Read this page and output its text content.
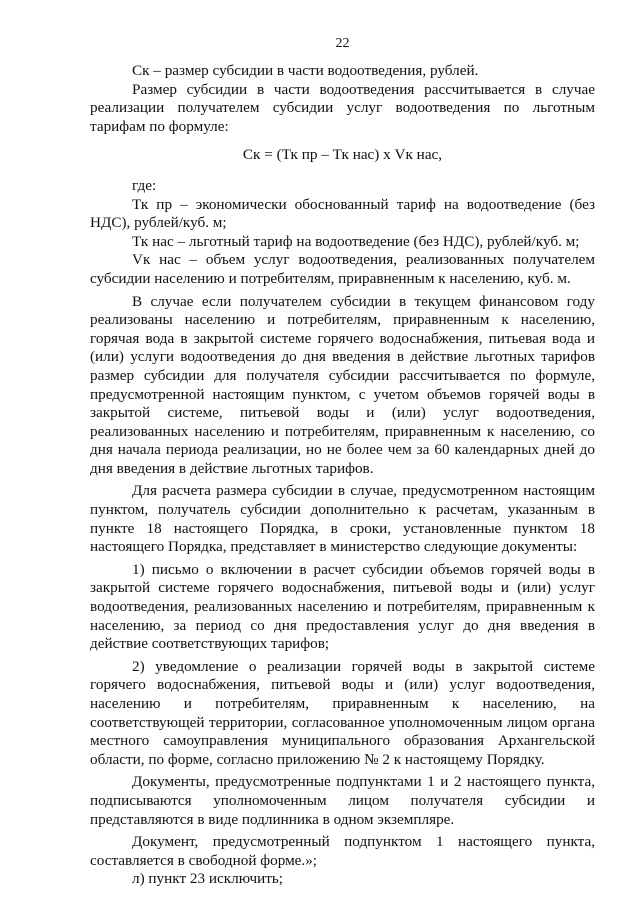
22

Ск – размер субсидии в части водоотведения, рублей.

Размер субсидии в части водоотведения рассчитывается в случае реализации получателем субсидии услуг водоотведения по льготным тарифам по формуле:

Ск = (Тк пр – Тк нас) х Vк нас,

где:

Тк пр – экономически обоснованный тариф на водоотведение (без НДС), рублей/куб. м;

Тк нас – льготный тариф на водоотведение (без НДС), рублей/куб. м;

Vк нас – объем услуг водоотведения, реализованных получателем субсидии населению и потребителям, приравненным к населению, куб. м.

В случае если получателем субсидии в текущем финансовом году реализованы населению и потребителям, приравненным к населению, горячая вода в закрытой системе горячего водоснабжения, питьевая вода и (или) услуги водоотведения до дня введения в действие льготных тарифов размер субсидии для получателя субсидии рассчитывается по формуле, предусмотренной настоящим пунктом, с учетом объемов горячей воды в закрытой системе, питьевой воды и (или) услуг водоотведения, реализованных населению и потребителям, приравненным к населению, со дня начала периода реализации, но не более чем за 60 календарных дней до дня введения в действие льготных тарифов.

Для расчета размера субсидии в случае, предусмотренном настоящим пунктом, получатель субсидии дополнительно к расчетам, указанным в пункте 18 настоящего Порядка, в сроки, установленные пунктом 18 настоящего Порядка, представляет в министерство следующие документы:

1) письмо о включении в расчет субсидии объемов горячей воды в закрытой системе горячего водоснабжения, питьевой воды и (или) услуг водоотведения, реализованных населению и потребителям, приравненным к населению, за период со дня предоставления услуг до дня введения в действие соответствующих тарифов;

2) уведомление о реализации горячей воды в закрытой системе горячего водоснабжения, питьевой воды и (или) услуг водоотведения, населению и потребителям, приравненным к населению, на соответствующей территории, согласованное уполномоченным лицом органа местного самоуправления муниципального образования Архангельской области, по форме, согласно приложению № 2 к настоящему Порядку.

Документы, предусмотренные подпунктами 1 и 2 настоящего пункта, подписываются уполномоченным лицом получателя субсидии и представляются в виде подлинника в одном экземпляре.

Документ, предусмотренный подпунктом 1 настоящего пункта, составляется в свободной форме.»;

л) пункт 23 исключить;
